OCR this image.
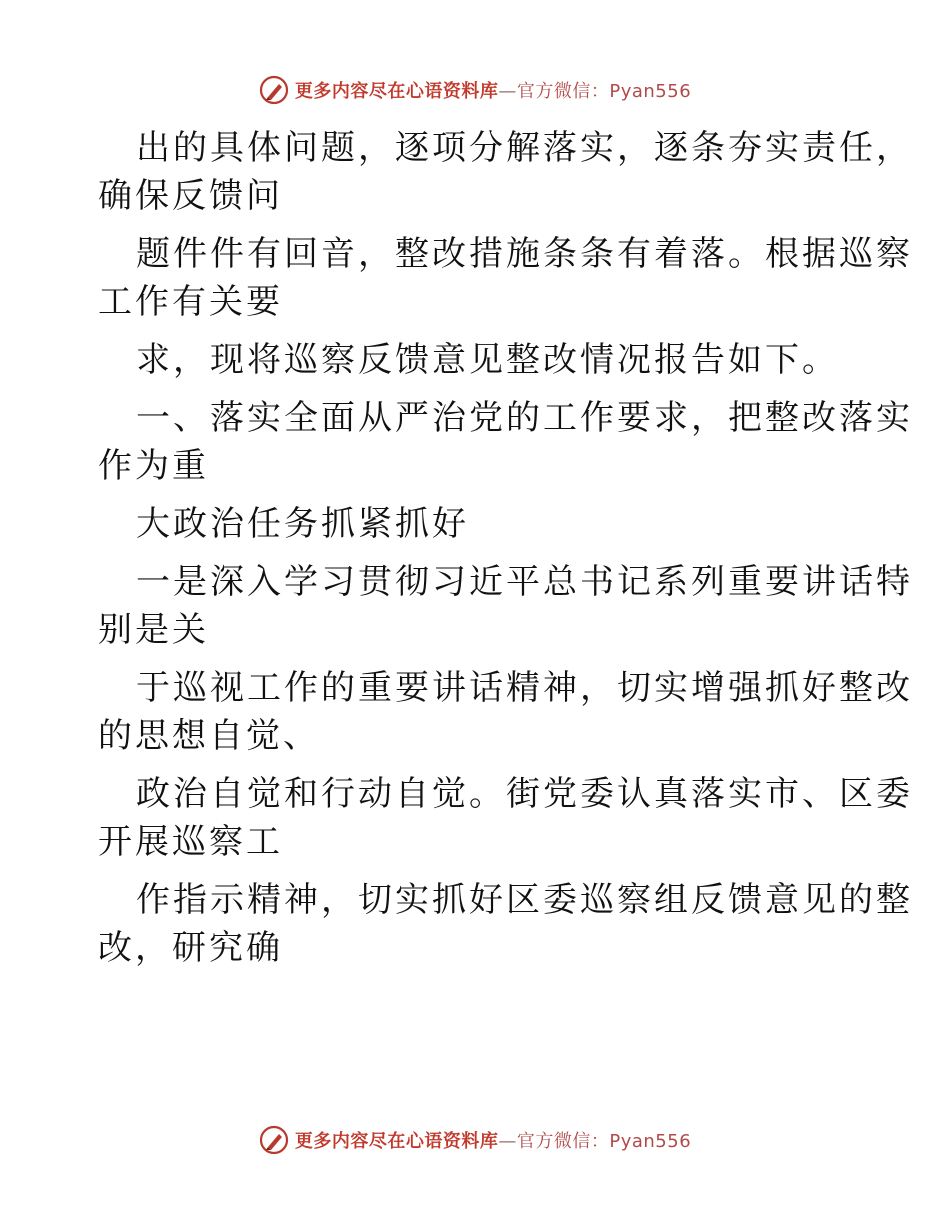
更多内容尽在心语资料库—官方微信：Pyan556
出的具体问题，逐项分解落实，逐条夯实责任，
确保反馈问
题件件有回音，整改措施条条有着落。根据巡察
工作有关要
求，现将巡察反馈意见整改情况报告如下。
一、落实全面从严治党的工作要求，把整改落实
作为重
大政治任务抓紧抓好
一是深入学习贯彻习近平总书记系列重要讲话特
别是关
于巡视工作的重要讲话精神，切实增强抓好整改
的思想自觉、
政治自觉和行动自觉。街党委认真落实市、区委
开展巡察工
作指示精神，切实抓好区委巡察组反馈意见的整
改，研究确
更多内容尽在心语资料库—官方微信：Pyan556
